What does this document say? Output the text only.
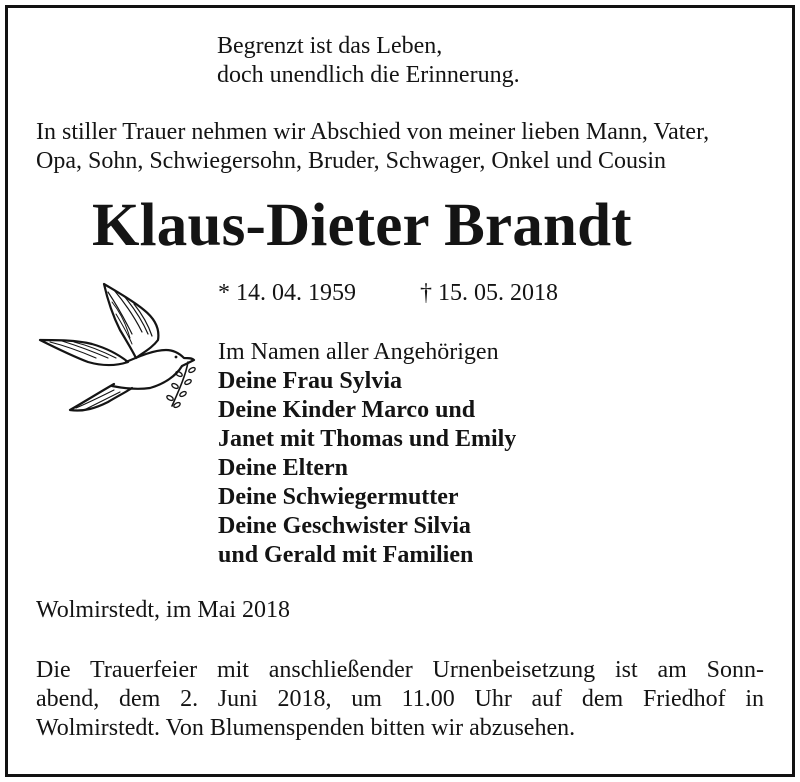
Begrenzt ist das Leben,
doch unendlich die Erinnerung.
In stiller Trauer nehmen wir Abschied von meiner lieben Mann, Vater,
Opa, Sohn, Schwiegersohn, Bruder, Schwager, Onkel und Cousin
Klaus-Dieter Brandt
* 14. 04. 1959	† 15. 05. 2018
Im Namen aller Angehörigen
Deine Frau Sylvia
Deine Kinder Marco und
Janet mit Thomas und Emily
Deine Eltern
Deine Schwiegermutter
Deine Geschwister Silvia
und Gerald mit Familien
Wolmirstedt, im Mai 2018
Die Trauerfeier mit anschließender Urnenbeisetzung ist am Sonn-
abend, dem 2. Juni 2018, um 11.00 Uhr auf dem Friedhof in
Wolmirstedt. Von Blumenspenden bitten wir abzusehen.
